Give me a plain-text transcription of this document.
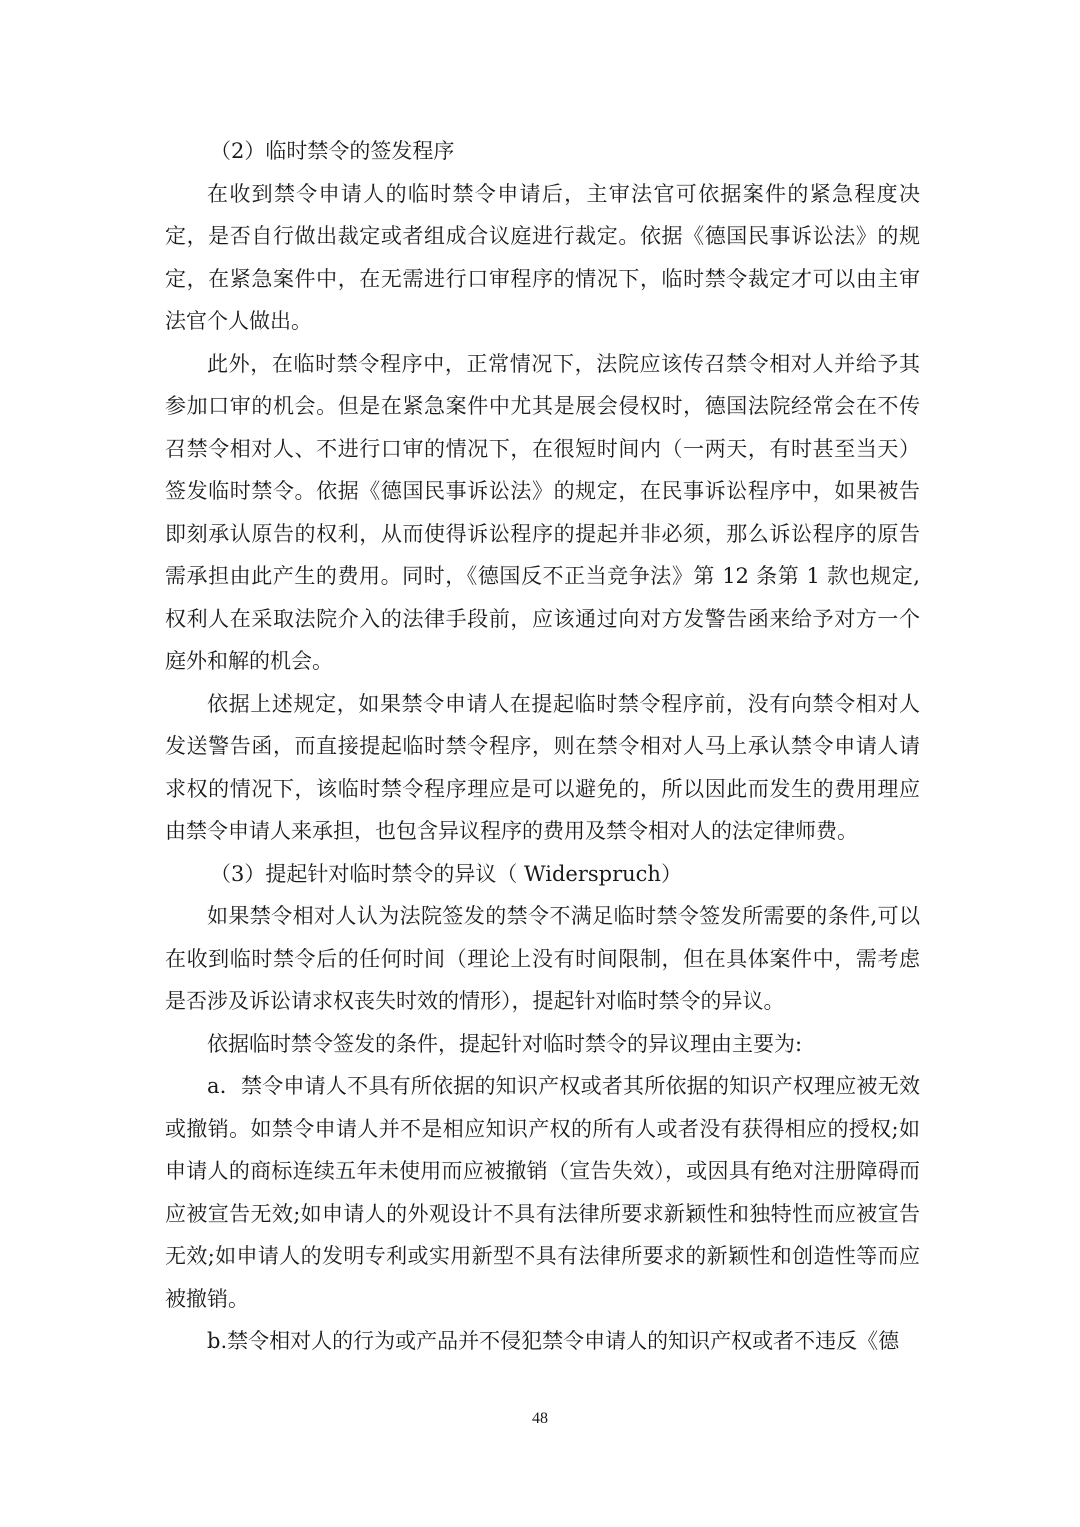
（2）临时禁令的签发程序

在收到禁令申请人的临时禁令申请后，主审法官可依据案件的紧急程度决定，是否自行做出裁定或者组成合议庭进行裁定。依据《德国民事诉讼法》的规定，在紧急案件中，在无需进行口审程序的情况下，临时禁令裁定才可以由主审法官个人做出。

此外，在临时禁令程序中，正常情况下，法院应该传召禁令相对人并给予其参加口审的机会。但是在紧急案件中尤其是展会侵权时，德国法院经常会在不传召禁令相对人、不进行口审的情况下，在很短时间内（一两天，有时甚至当天）签发临时禁令。依据《德国民事诉讼法》的规定，在民事诉讼程序中，如果被告即刻承认原告的权利，从而使得诉讼程序的提起并非必须，那么诉讼程序的原告需承担由此产生的费用。同时，《德国反不正当竞争法》第 12 条第 1 款也规定,权利人在采取法院介入的法律手段前，应该通过向对方发警告函来给予对方一个庭外和解的机会。

依据上述规定，如果禁令申请人在提起临时禁令程序前，没有向禁令相对人发送警告函，而直接提起临时禁令程序，则在禁令相对人马上承认禁令申请人请求权的情况下，该临时禁令程序理应是可以避免的，所以因此而发生的费用理应由禁令申请人来承担，也包含异议程序的费用及禁令相对人的法定律师费。

（3）提起针对临时禁令的异议（ Widerspruch）

如果禁令相对人认为法院签发的禁令不满足临时禁令签发所需要的条件,可以在收到临时禁令后的任何时间（理论上没有时间限制，但在具体案件中，需考虑是否涉及诉讼请求权丧失时效的情形），提起针对临时禁令的异议。

依据临时禁令签发的条件，提起针对临时禁令的异议理由主要为:

a．禁令申请人不具有所依据的知识产权或者其所依据的知识产权理应被无效或撤销。如禁令申请人并不是相应知识产权的所有人或者没有获得相应的授权;如申请人的商标连续五年未使用而应被撤销（宣告失效），或因具有绝对注册障碍而应被宣告无效;如申请人的外观设计不具有法律所要求新颖性和独特性而应被宣告无效;如申请人的发明专利或实用新型不具有法律所要求的新颖性和创造性等而应被撤销。

b.禁令相对人的行为或产品并不侵犯禁令申请人的知识产权或者不违反《德

48
